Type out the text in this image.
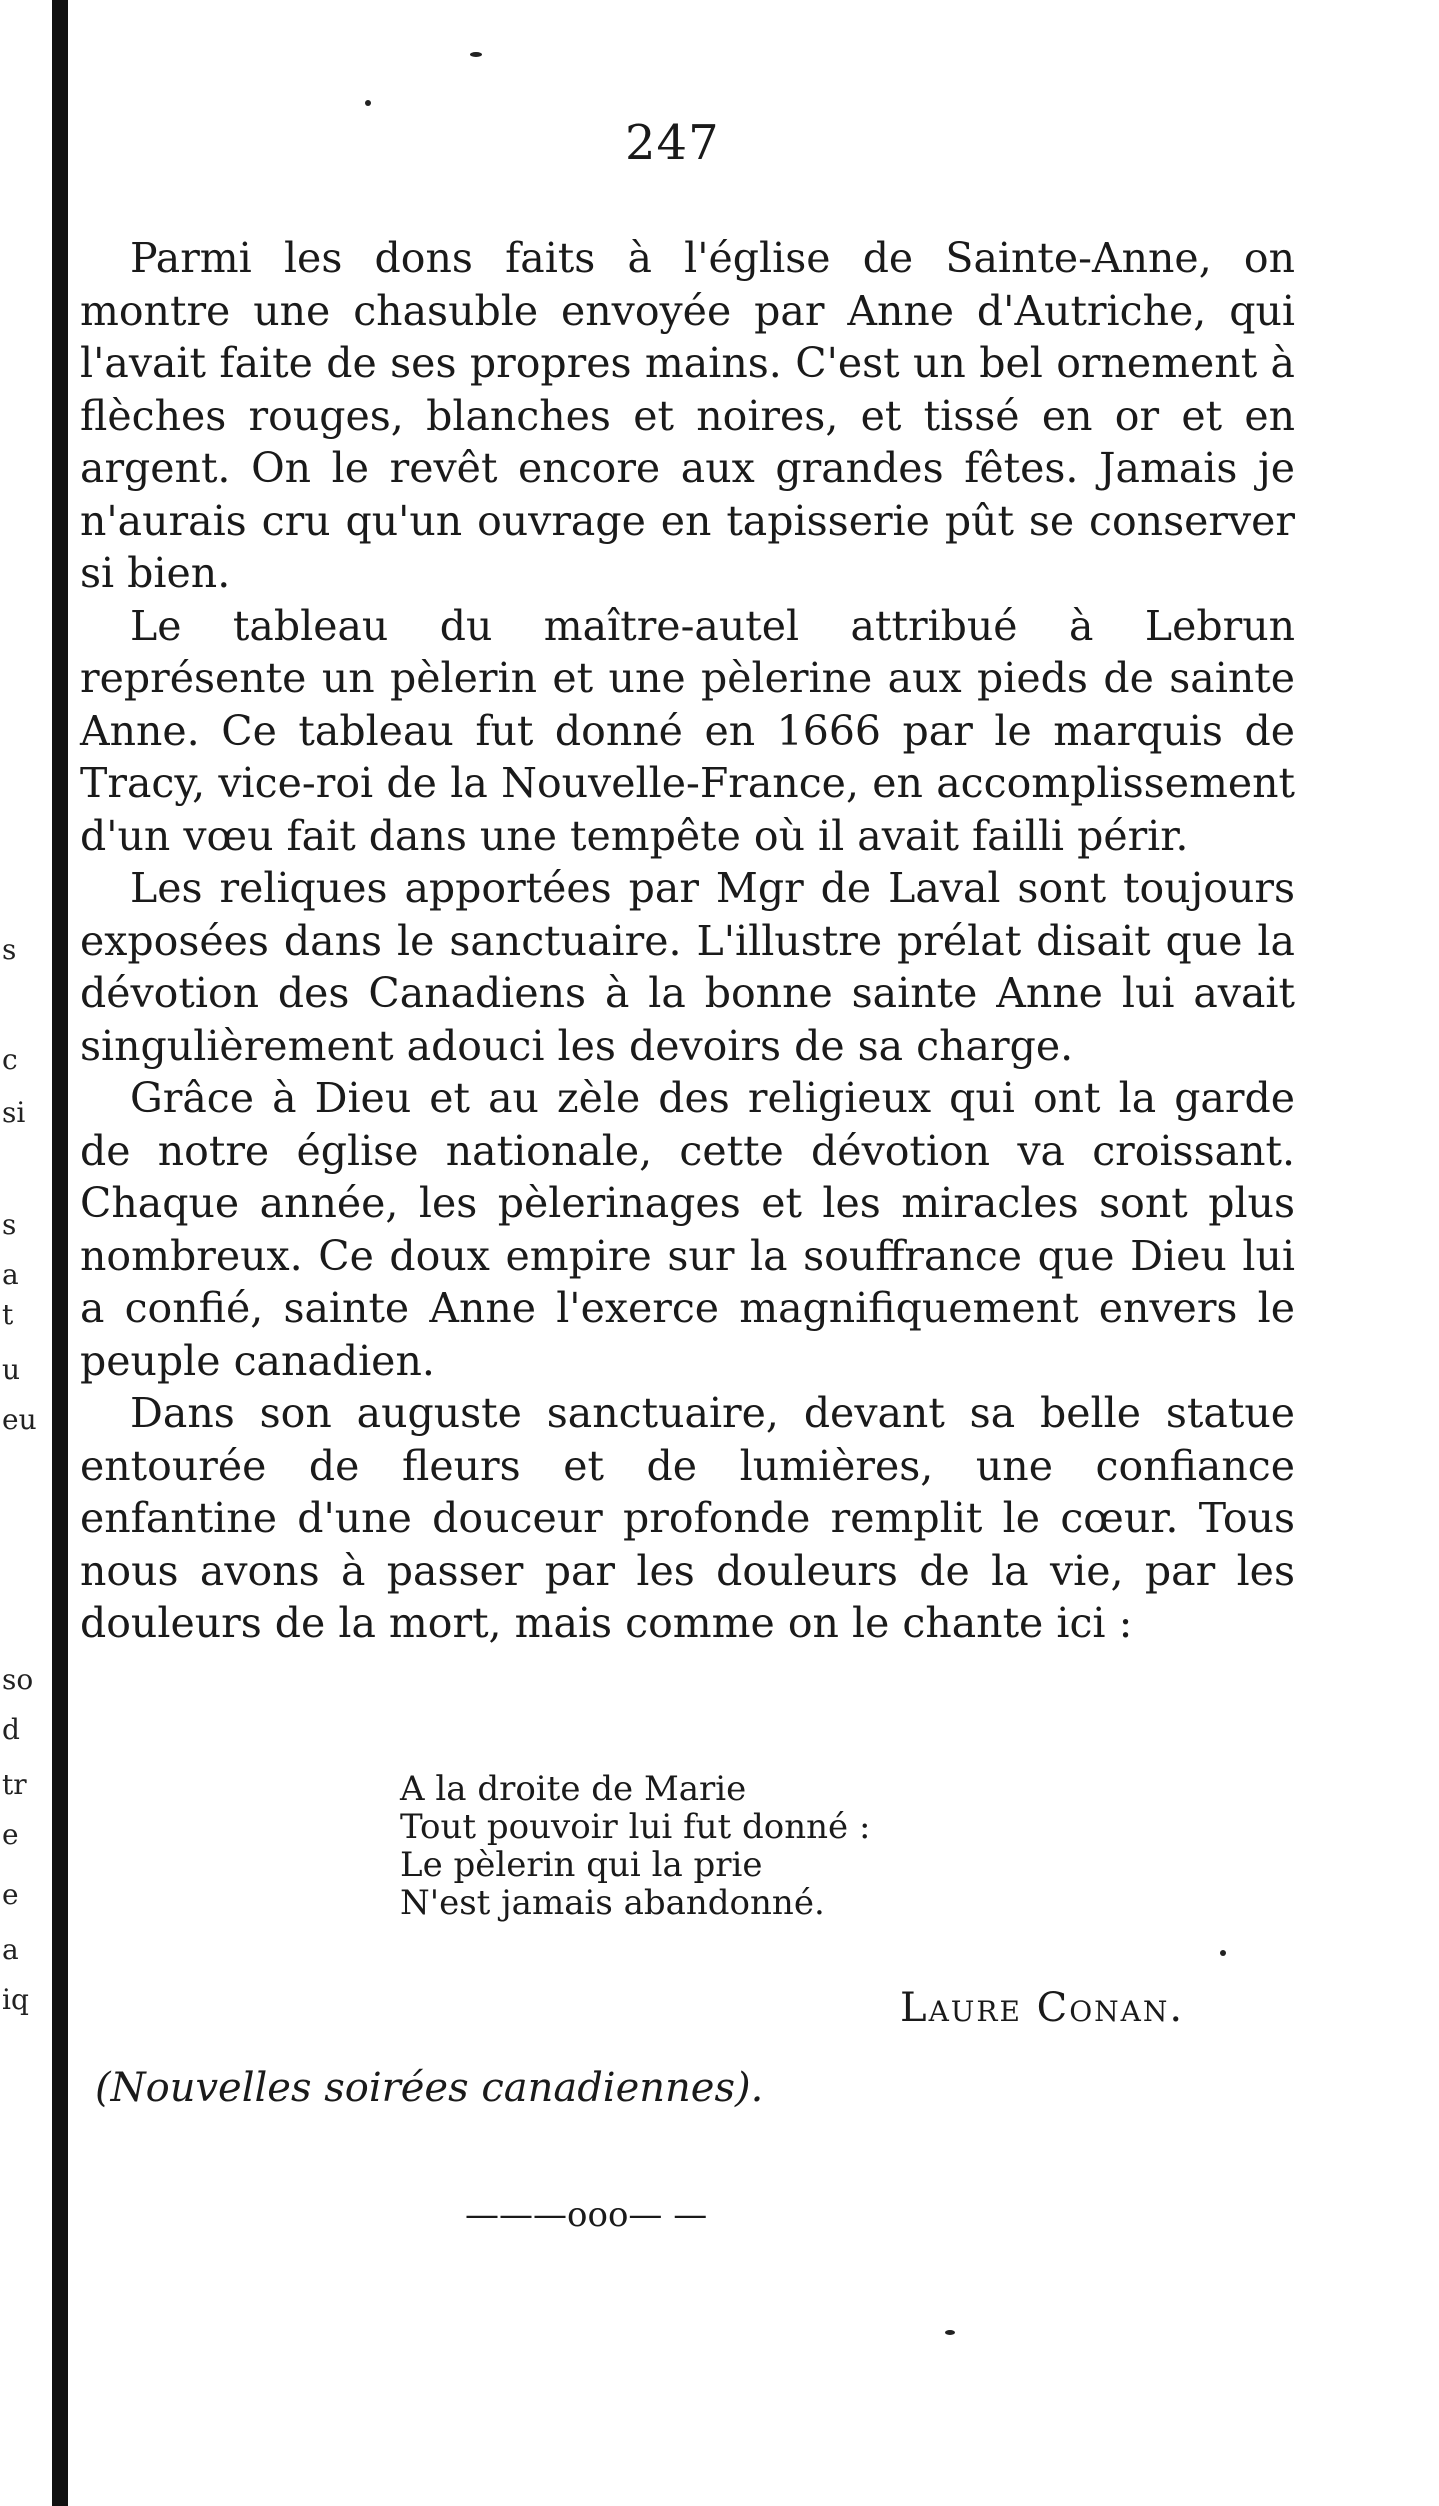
s
c
si
s
a
t
u
eu
so
d
tr
e
e
a
iq
247

Parmi les dons faits à l'église de Sainte-Anne, on montre une chasuble envoyée par Anne d'Autriche, qui l'avait faite de ses propres mains. C'est un bel ornement à flèches rouges, blanches et noires, et tissé en or et en argent. On le revêt encore aux grandes fêtes. Jamais je n'aurais cru qu'un ouvrage en tapisserie pût se conserver si bien.

Le tableau du maître-autel attribué à Lebrun représente un pèlerin et une pèlerine aux pieds de sainte Anne. Ce tableau fut donné en 1666 par le marquis de Tracy, vice-roi de la Nouvelle-France, en accomplissement d'un vœu fait dans une tempête où il avait failli périr.

Les reliques apportées par Mgr de Laval sont toujours exposées dans le sanctuaire. L'illustre prélat disait que la dévotion des Canadiens à la bonne sainte Anne lui avait singulièrement adouci les devoirs de sa charge.

Grâce à Dieu et au zèle des religieux qui ont la garde de notre église nationale, cette dévotion va croissant. Chaque année, les pèlerinages et les miracles sont plus nombreux. Ce doux empire sur la souffrance que Dieu lui a confié, sainte Anne l'exerce magnifiquement envers le peuple canadien.

Dans son auguste sanctuaire, devant sa belle statue entourée de fleurs et de lumières, une confiance enfantine d'une douceur profonde remplit le cœur. Tous nous avons à passer par les douleurs de la vie, par les douleurs de la mort, mais comme on le chante ici :

A la droite de Marie
Tout pouvoir lui fut donné :
Le pèlerin qui la prie
N'est jamais abandonné.
Laure Conan.
(Nouvelles soirées canadiennes).
———ooo— —
